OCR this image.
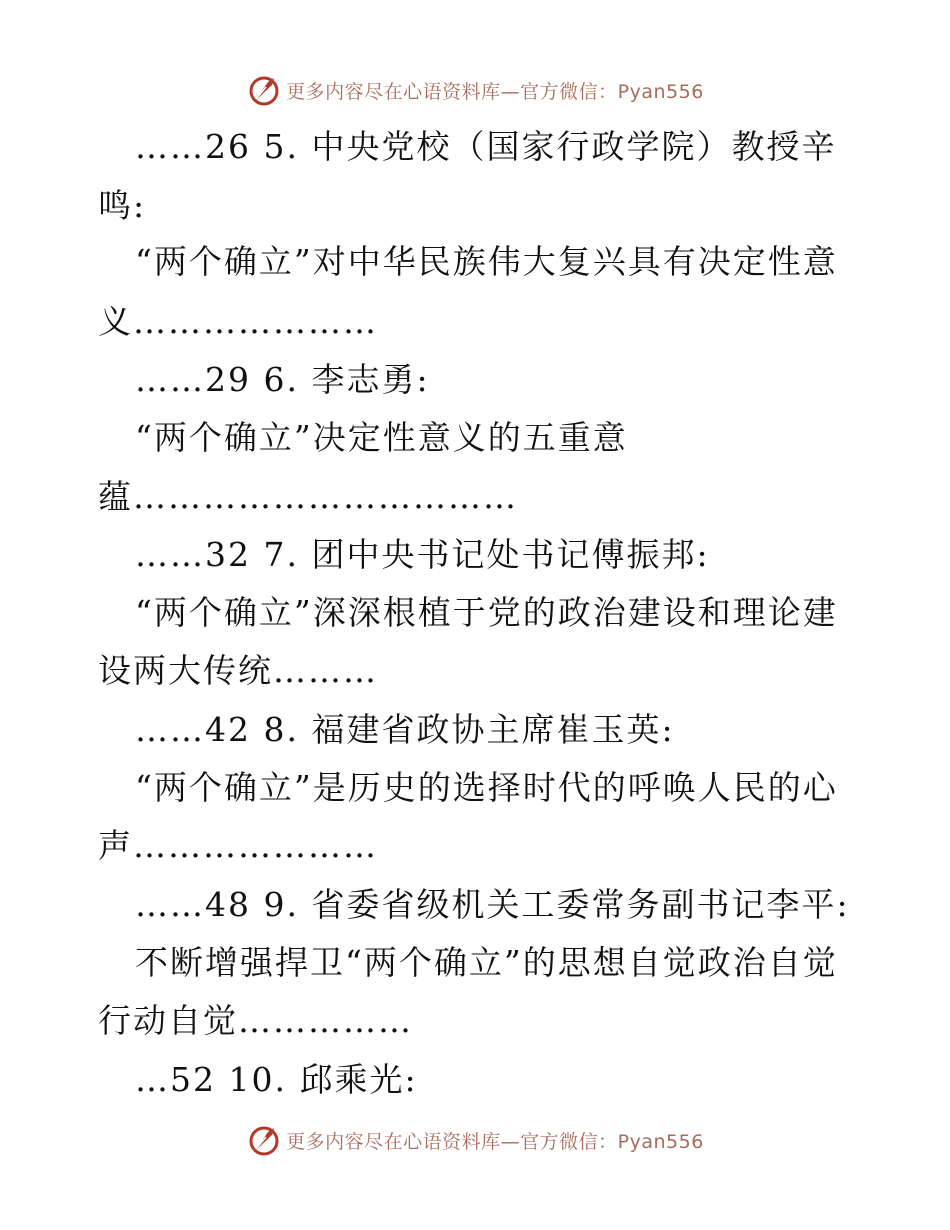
更多内容尽在心语资料库—官方微信：Pyan556
……26 5. 中央党校（国家行政学院）教授辛
鸣:
“两个确立”对中华民族伟大复兴具有决定性意
义…………………
……29 6. 李志勇:
“两个确立”决定性意义的五重意
蕴……………………………
……32 7. 团中央书记处书记傅振邦:
“两个确立”深深根植于党的政治建设和理论建
设两大传统………
……42 8. 福建省政协主席崔玉英:
“两个确立”是历史的选择时代的呼唤人民的心
声…………………
……48 9. 省委省级机关工委常务副书记李平:
不断增强捍卫“两个确立”的思想自觉政治自觉
行动自觉……………
…52 10. 邱乘光:
更多内容尽在心语资料库—官方微信：Pyan556
